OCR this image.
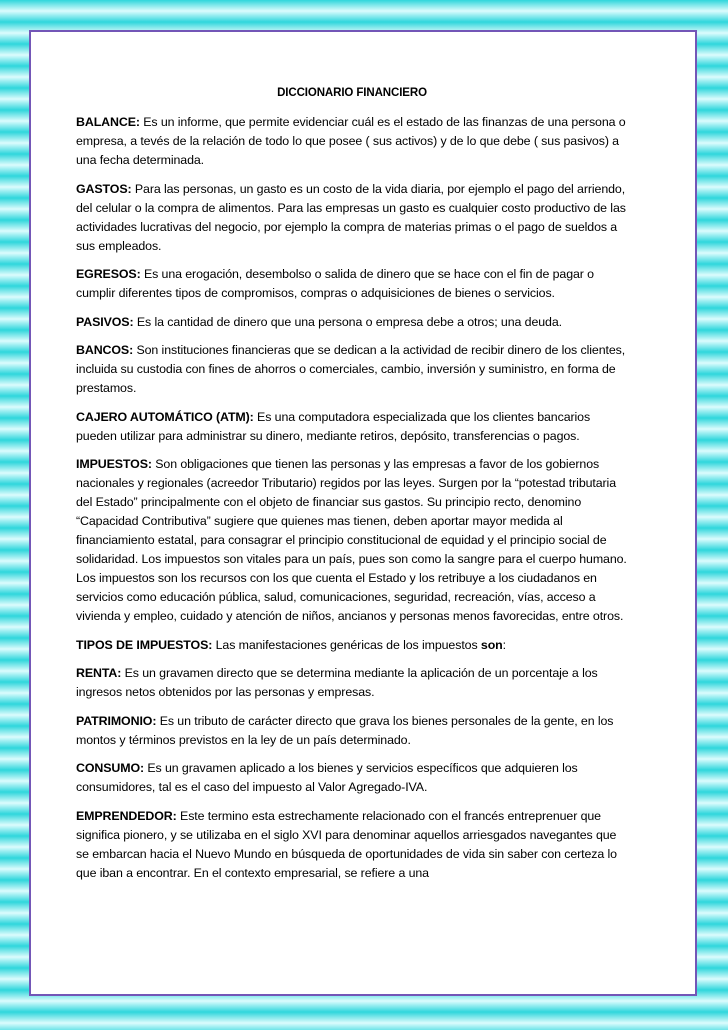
DICCIONARIO FINANCIERO

BALANCE: Es un informe, que permite evidenciar cuál es el estado de las finanzas de una persona o empresa, a tevés de la relación de todo lo que posee ( sus activos) y de lo que debe ( sus pasivos) a una fecha determinada.

GASTOS: Para las personas, un gasto es un costo de la vida diaria, por ejemplo el pago del arriendo, del celular o la compra de alimentos. Para las empresas un gasto es cualquier costo productivo de las actividades lucrativas del negocio, por ejemplo la compra de materias primas o el pago de sueldos a sus empleados.

EGRESOS: Es una erogación, desembolso o salida de dinero que se hace con el fin de pagar o cumplir diferentes tipos de compromisos, compras o adquisiciones de bienes o servicios.

PASIVOS: Es la cantidad de dinero que una persona o empresa debe a otros; una deuda.

BANCOS: Son instituciones financieras que se dedican a la actividad de recibir dinero de los clientes, incluida su custodia con fines de ahorros o comerciales, cambio, inversión y suministro, en forma de prestamos.

CAJERO AUTOMÁTICO (ATM): Es una computadora especializada que los clientes bancarios pueden utilizar para administrar su dinero, mediante retiros, depósito, transferencias o pagos.

IMPUESTOS: Son obligaciones que tienen las personas y las empresas a favor de los gobiernos nacionales y regionales (acreedor Tributario) regidos por las leyes. Surgen por la “potestad tributaria del Estado” principalmente con el objeto de financiar sus gastos. Su principio recto, denomino “Capacidad Contributiva” sugiere que quienes mas tienen, deben aportar mayor medida al financiamiento estatal, para consagrar el principio constitucional de equidad y el principio social de solidaridad. Los impuestos son vitales para un país, pues son como la sangre para el cuerpo humano. Los impuestos son los recursos con los que cuenta el Estado y los retribuye a los ciudadanos en servicios como educación pública, salud, comunicaciones, seguridad, recreación, vías, acceso a vivienda y empleo, cuidado y atención de niños, ancianos y personas menos favorecidas, entre otros.

TIPOS DE IMPUESTOS: Las manifestaciones genéricas de los impuestos son:

RENTA: Es un gravamen directo que se determina mediante la aplicación de un porcentaje a los ingresos netos obtenidos por las personas y empresas.

PATRIMONIO: Es un tributo de carácter directo que grava los bienes personales de la gente, en los montos y términos previstos en la ley de un país determinado.

CONSUMO: Es un gravamen aplicado a los bienes y servicios específicos que adquieren los consumidores, tal es el caso del impuesto al Valor Agregado-IVA.

EMPRENDEDOR: Este termino esta estrechamente relacionado con el francés entreprenuer que significa pionero, y se utilizaba en el siglo XVI para denominar aquellos arriesgados navegantes que se embarcan hacia el Nuevo Mundo en búsqueda de oportunidades de vida sin saber con certeza lo que iban a encontrar. En el contexto empresarial, se refiere a una
